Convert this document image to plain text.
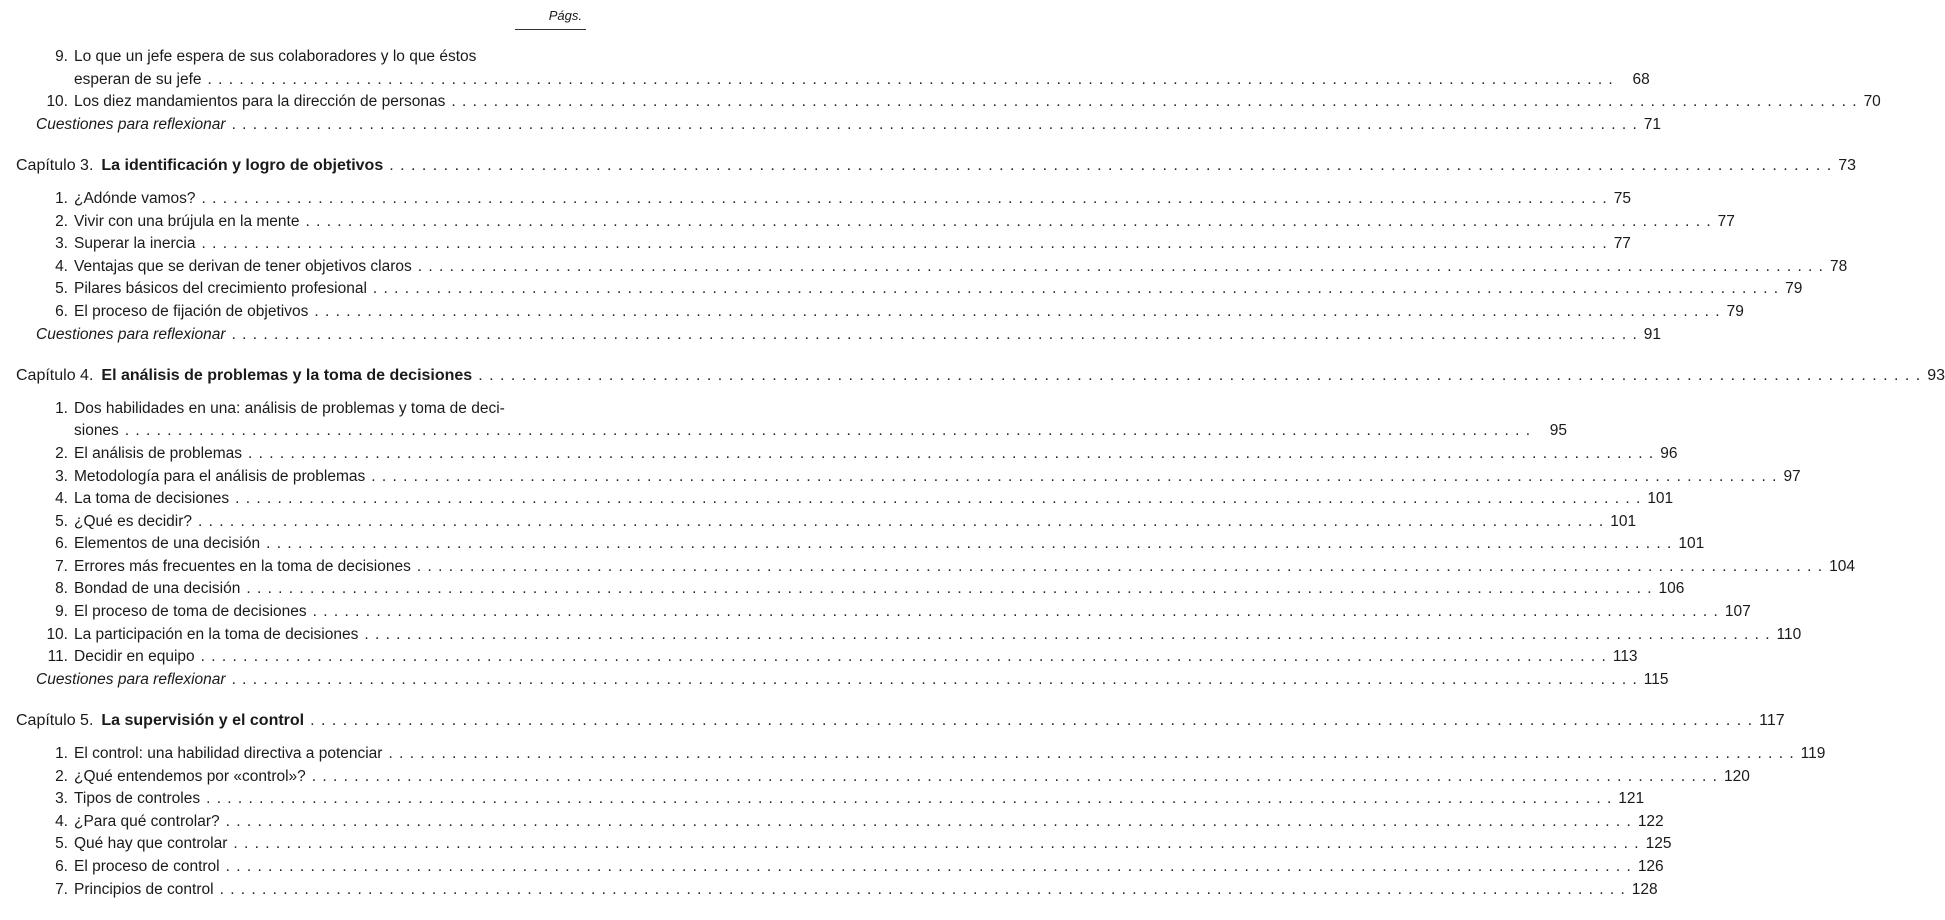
Págs.
9. Lo que un jefe espera de sus colaboradores y lo que éstos
esperan de su jefe . . .	68
10. Los diez mandamientos para la dirección de personas . . .	70
Cuestiones para reflexionar . . .	71
Capítulo 3. La identificación y logro de objetivos . . .	73
1. ¿Adónde vamos? . . .	75
2. Vivir con una brújula en la mente . . .	77
3. Superar la inercia . . .	77
4. Ventajas que se derivan de tener objetivos claros . . .	78
5. Pilares básicos del crecimiento profesional . . .	79
6. El proceso de fijación de objetivos . . .	79
Cuestiones para reflexionar . . .	91
Capítulo 4. El análisis de problemas y la toma de decisiones . . .	93
1. Dos habilidades en una: análisis de problemas y toma de deci-
siones . . .	95
2. El análisis de problemas . . .	96
3. Metodología para el análisis de problemas . . .	97
4. La toma de decisiones . . .	101
5. ¿Qué es decidir? . . .	101
6. Elementos de una decisión . . .	101
7. Errores más frecuentes en la toma de decisiones . . .	104
8. Bondad de una decisión . . .	106
9. El proceso de toma de decisiones . . .	107
10. La participación en la toma de decisiones . . .	110
11. Decidir en equipo . . .	113
Cuestiones para reflexionar . . .	115
Capítulo 5. La supervisión y el control . . .	117
1. El control: una habilidad directiva a potenciar . . .	119
2. ¿Qué entendemos por «control»? . . .	120
3. Tipos de controles . . .	121
4. ¿Para qué controlar? . . .	122
5. Qué hay que controlar . . .	125
6. El proceso de control . . .	126
7. Principios de control . . .	128
